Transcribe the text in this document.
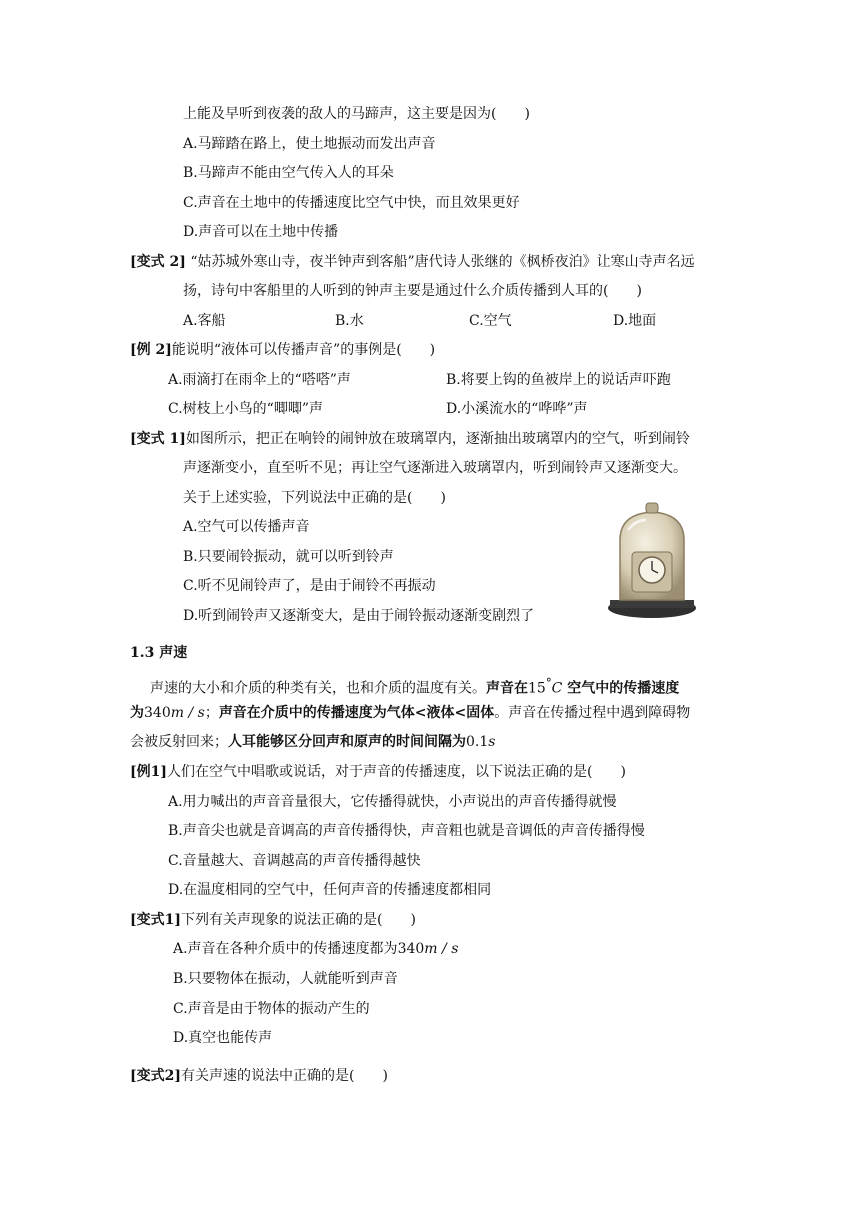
上能及早听到夜袭的敌人的马蹄声，这主要是因为(　　)
A.马蹄踏在路上，使土地振动而发出声音
B.马蹄声不能由空气传入人的耳朵
C.声音在土地中的传播速度比空气中快，而且效果更好
D.声音可以在土地中传播
[变式 2] “姑苏城外寒山寺，夜半钟声到客船”唐代诗人张继的《枫桥夜泊》让寒山寺声名远
扬，诗句中客船里的人听到的钟声主要是通过什么介质传播到人耳的(　　)
A.客船	B.水	C.空气	D.地面
[例 2]能说明“液体可以传播声音”的事例是(　　)
A.雨滴打在雨伞上的“嗒嗒”声	B.将要上钩的鱼被岸上的说话声吓跑
C.树枝上小鸟的“唧唧”声	D.小溪流水的“哗哗”声
[变式 1]如图所示，把正在响铃的闹钟放在玻璃罩内，逐渐抽出玻璃罩内的空气，听到闹铃
声逐渐变小，直至听不见；再让空气逐渐进入玻璃罩内，听到闹铃声又逐渐变大。
关于上述实验，下列说法中正确的是(　　)
A.空气可以传播声音
B.只要闹铃振动，就可以听到铃声
C.听不见闹铃声了，是由于闹铃不再振动
D.听到闹铃声又逐渐变大，是由于闹铃振动逐渐变剧烈了
1.3 声速
声速的大小和介质的种类有关，也和介质的温度有关。声音在15°C 空气中的传播速度
为340m / s；声音在介质中的传播速度为气体<液体<固体。声音在传播过程中遇到障碍物
会被反射回来；人耳能够区分回声和原声的时间间隔为0.1s
[例1]人们在空气中唱歌或说话，对于声音的传播速度，以下说法正确的是(　　)
A.用力喊出的声音音量很大，它传播得就快，小声说出的声音传播得就慢
B.声音尖也就是音调高的声音传播得快，声音粗也就是音调低的声音传播得慢
C.音量越大、音调越高的声音传播得越快
D.在温度相同的空气中，任何声音的传播速度都相同
[变式1]下列有关声现象的说法正确的是(　　)
A.声音在各种介质中的传播速度都为340m / s
B.只要物体在振动，人就能听到声音
C.声音是由于物体的振动产生的
D.真空也能传声
[变式2]有关声速的说法中正确的是(　　)
